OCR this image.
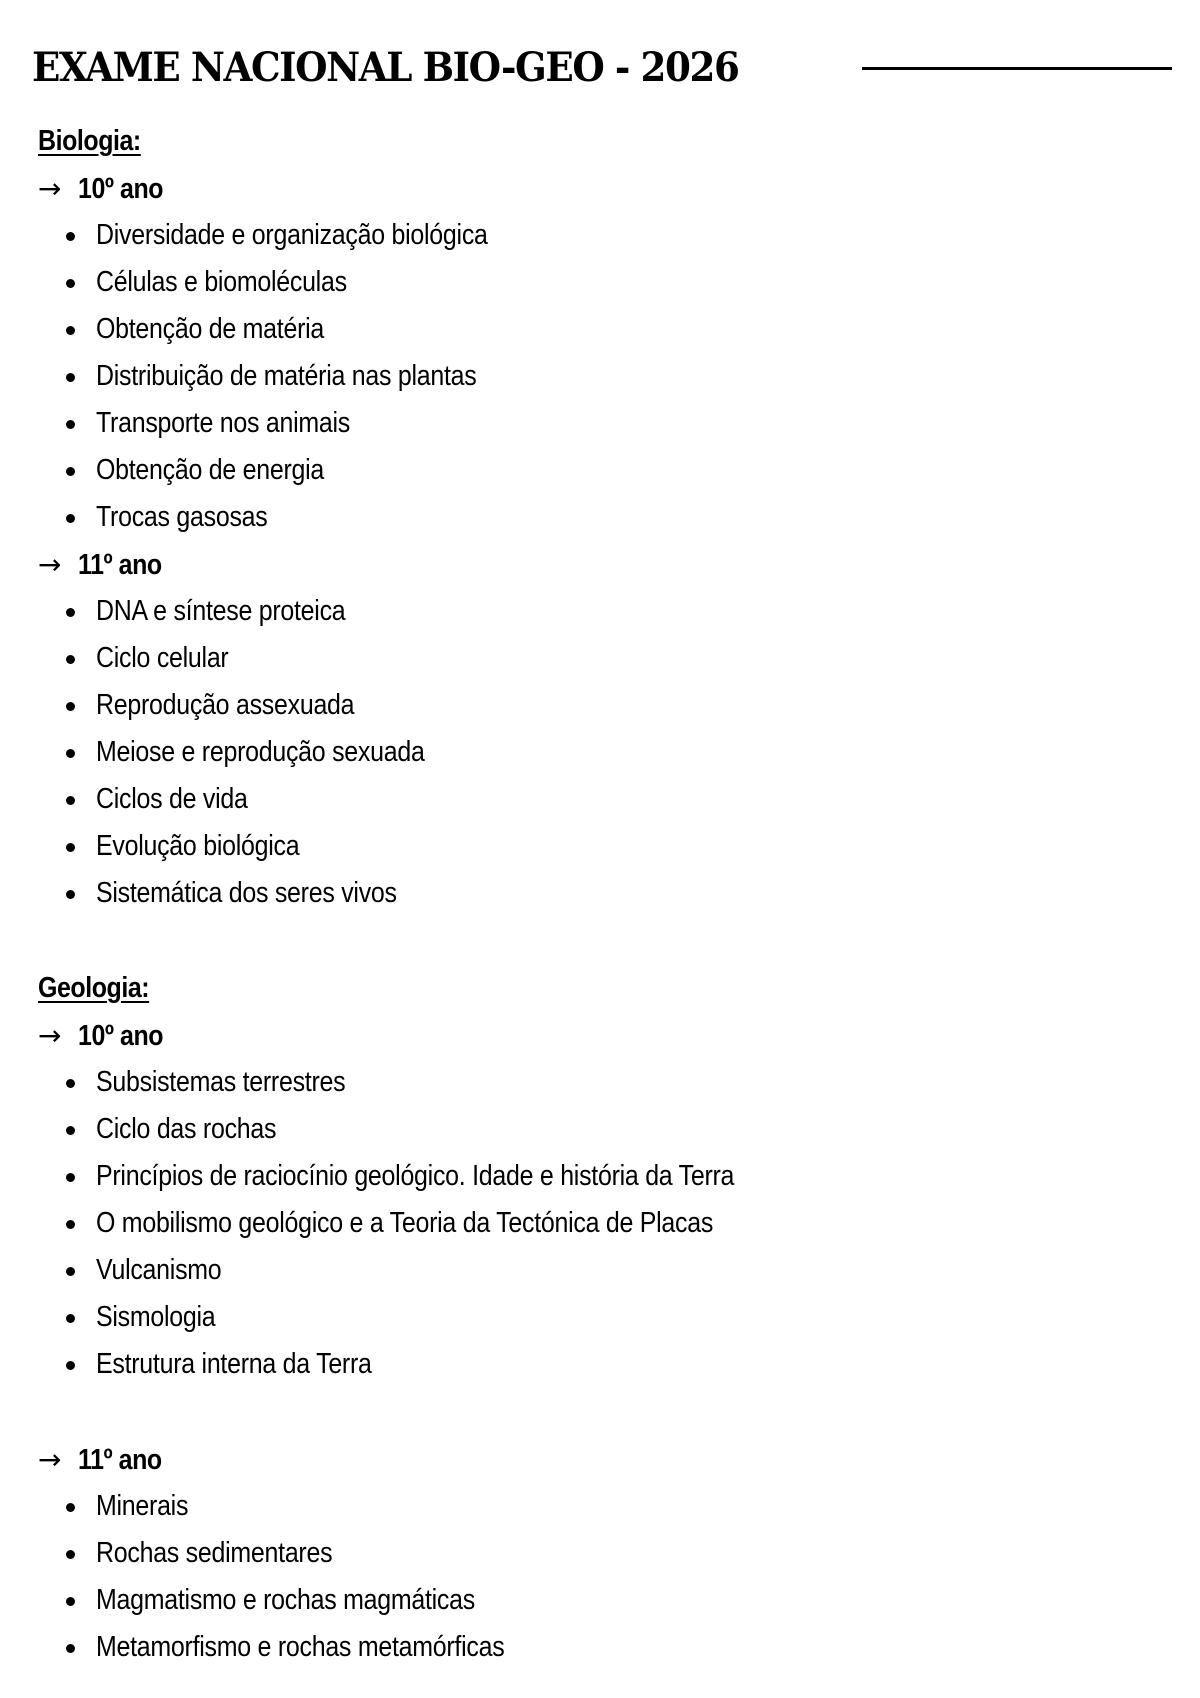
EXAME NACIONAL BIO-GEO - 2026
Biologia:
→ 10º ano
Diversidade e organização biológica
Células e biomoléculas
Obtenção de matéria
Distribuição de matéria nas plantas
Transporte nos animais
Obtenção de energia
Trocas gasosas
→ 11º ano
DNA e síntese proteica
Ciclo celular
Reprodução assexuada
Meiose e reprodução sexuada
Ciclos de vida
Evolução biológica
Sistemática dos seres vivos
Geologia:
→ 10º ano
Subsistemas terrestres
Ciclo das rochas
Princípios de raciocínio geológico. Idade e história da Terra
O mobilismo geológico e a Teoria da Tectónica de Placas
Vulcanismo
Sismologia
Estrutura interna da Terra
→ 11º ano
Minerais
Rochas sedimentares
Magmatismo e rochas magmáticas
Metamorfismo e rochas metamórficas
